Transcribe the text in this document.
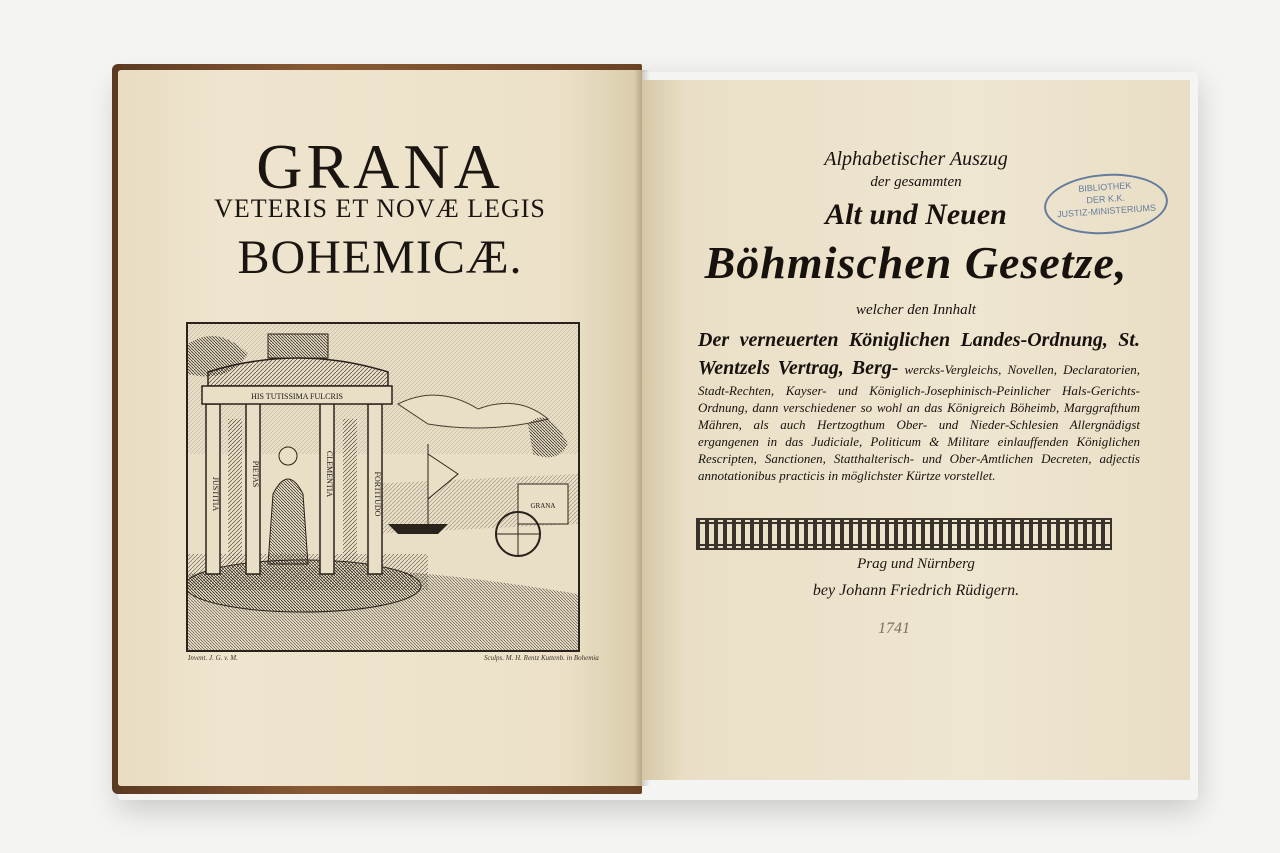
GRANA
VETERIS ET NOVÆ LEGIS
BOHEMICÆ.
HIS TUTISSIMA FULCRIS
PIETAS	CLEMENTIA
JUSTITIA	FORTITUDO	GRANA
Invent. J. G. v. M.	Sculps. M. H. Rentz Kuttenb. in Bohemia
Alphabetischer Auszug
der gesammten
Alt und Neuen
Böhmischen Gesetze,
welcher den Innhalt
Der verneuerten Königlichen Landes-Ordnung, St. Wentzels Vertrag, Berg- wercks-Vergleichs, Novellen, Declaratorien, Stadt-Rechten, Kayser- und Königlich-Josephinisch-Peinlicher Hals-Gerichts-Ordnung, dann verschiedener so wohl an das Königreich Böheimb, Marggrafthum Mähren, als auch Hertzogthum Ober- und Nieder-Schlesien Allergnädigst ergangenen in das Judiciale, Politicum & Militare einlauffenden Königlichen Rescripten, Sanctionen, Statthalterisch- und Ober-Amtlichen Decreten, adjectis annotationibus practicis in möglichster Kürtze vorstellet.
Prag und Nürnberg
bey Johann Friedrich Rüdigern.
1741
BIBLIOTHEK
DER K.K.
JUSTIZ-MINISTERIUMS
